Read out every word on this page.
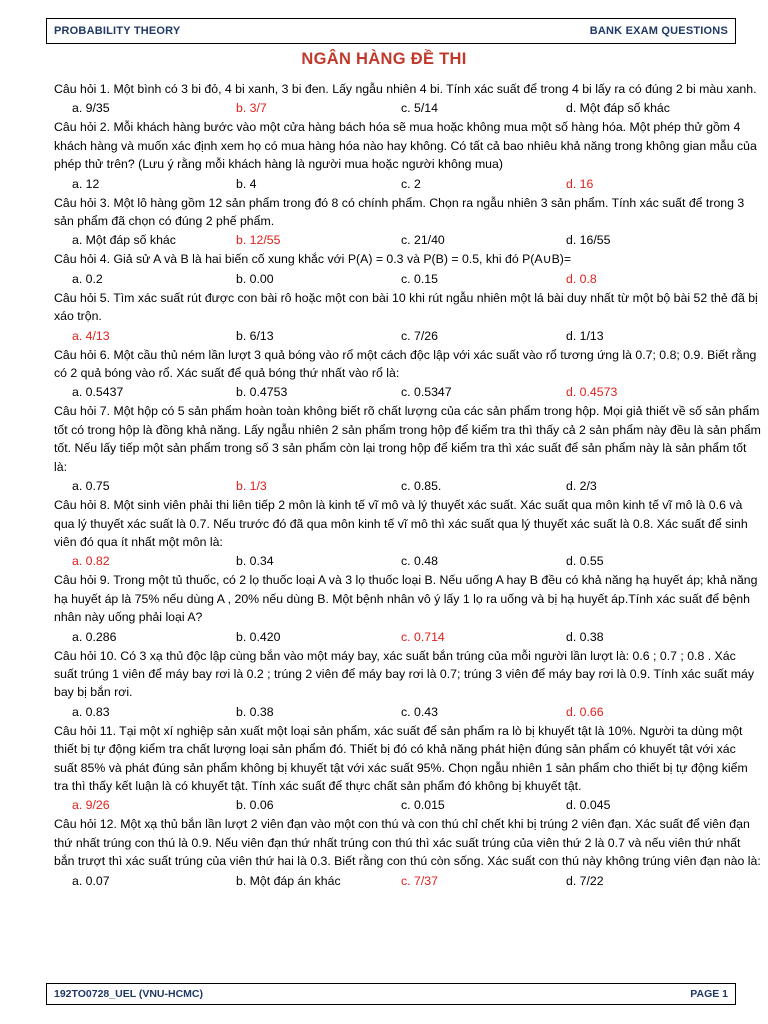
PROBABILITY THEORY	BANK EXAM QUESTIONS
NGÂN HÀNG ĐỀ THI

Câu hỏi 1. Một bình có 3 bi đỏ, 4 bi xanh, 3 bi đen. Lấy ngẫu nhiên 4 bi. Tính xác suất để trong 4 bi lấy ra có đúng 2 bi màu xanh.

a. 9/35	b. 3/7	c. 5/14	d. Một đáp số khác

Câu hỏi 2. Mỗi khách hàng bước vào một cửa hàng bách hóa sẽ mua hoặc không mua một số hàng hóa. Một phép thử gồm 4 khách hàng và muốn xác định xem họ có mua hàng hóa nào hay không. Có tất cả bao nhiêu khả năng trong không gian mẫu của phép thử trên? (Lưu ý rằng mỗi khách hàng là người mua hoặc người không mua)

a. 12	b. 4	c. 2	d. 16

Câu hỏi 3. Một lô hàng gồm 12 sản phẩm trong đó 8 có chính phẩm. Chọn ra ngẫu nhiên 3 sản phẩm. Tính xác suất để trong 3 sản phẩm đã chọn có đúng 2 phế phẩm.

a. Một đáp số khác	b. 12/55	c. 21/40	d. 16/55

Câu hỏi 4. Giả sử A và B là hai biến cố xung khắc với P(A) = 0.3 và P(B) = 0.5, khi đó P(A∪B)=

a. 0.2	b. 0.00	c. 0.15	d. 0.8

Câu hỏi 5. Tìm xác suất rút được con bài rô hoặc một con bài 10 khi rút ngẫu nhiên một lá bài duy nhất từ một bộ bài 52 thẻ đã bị xáo trộn.

a. 4/13	b. 6/13	c. 7/26	d. 1/13

Câu hỏi 6. Một cầu thủ ném lần lượt 3 quả bóng vào rổ một cách độc lập với xác suất vào rổ tương ứng là 0.7; 0.8; 0.9. Biết rằng có 2 quả bóng vào rổ. Xác suất để quả bóng thứ nhất vào rổ là:

a. 0.5437	b. 0.4753	c. 0.5347	d. 0.4573

Câu hỏi 7. Một hộp có 5 sản phẩm hoàn toàn không biết rõ chất lượng của các sản phẩm trong hộp. Mọi giả thiết về số sản phẩm tốt có trong hộp là đồng khả năng. Lấy ngẫu nhiên 2 sản phẩm trong hộp để kiểm tra thì thấy cả 2 sản phẩm này đều là sản phẩm tốt. Nếu lấy tiếp một sản phẩm trong số 3 sản phẩm còn lại trong hộp để kiểm tra thì xác suất để sản phẩm này là sản phẩm tốt là:

a. 0.75	b. 1/3	c. 0.85.	d. 2/3

Câu hỏi 8. Một sinh viên phải thi liên tiếp 2 môn là kinh tế vĩ mô và lý thuyết xác suất. Xác suất qua môn kinh tế vĩ mô là 0.6 và qua lý thuyết xác suất là 0.7. Nếu trước đó đã qua môn kinh tế vĩ mô thì xác suất qua lý thuyết xác suất là 0.8. Xác suất để sinh viên đó qua ít nhất một môn là:

a. 0.82	b. 0.34	c. 0.48	d. 0.55

Câu hỏi 9. Trong một tủ thuốc, có 2 lọ thuốc loại A và 3 lọ thuốc loại B. Nếu uống A hay B đều có khả năng hạ huyết áp; khả năng hạ huyết áp là 75% nếu dùng A , 20% nếu dùng B. Một bệnh nhân vô ý lấy 1 lọ ra uống và bị hạ huyết áp.Tính xác suất để bệnh nhân này uống phải loại A?

a. 0.286	b. 0.420	c. 0.714	d. 0.38

Câu hỏi 10. Có 3 xạ thủ độc lập cùng bắn vào một máy bay, xác suất bắn trúng của mỗi người lần lượt là: 0.6 ; 0.7 ; 0.8 . Xác suất trúng 1 viên để máy bay rơi là 0.2 ; trúng 2 viên để máy bay rơi là 0.7; trúng 3 viên để máy bay rơi là 0.9. Tính xác suất máy bay bị bắn rơi.

a. 0.83	b. 0.38	c. 0.43	d. 0.66

Câu hỏi 11. Tại một xí nghiệp sản xuất một loại sản phẩm, xác suất để sản phẩm ra lò bị khuyết tật là 10%. Người ta dùng một thiết bị tự động kiểm tra chất lượng loại sản phẩm đó. Thiết bị đó có khả năng phát hiện đúng sản phẩm có khuyết tật với xác suất 85% và phát đúng sản phẩm không bị khuyết tật với xác suất 95%. Chọn ngẫu nhiên 1 sản phẩm cho thiết bị tự động kiểm tra thì thấy kết luận là có khuyết tật. Tính xác suất để thực chất sản phẩm đó không bị khuyết tật.

a. 9/26	b. 0.06	c. 0.015	d. 0.045

Câu hỏi 12. Một xạ thủ bắn lần lượt 2 viên đạn vào một con thú và con thú chỉ chết khi bị trúng 2 viên đạn. Xác suất để viên đạn thứ nhất trúng con thú là 0.9. Nếu viên đạn thứ nhất trúng con thú thì xác suất trúng của viên thứ 2 là 0.7 và nếu viên thứ nhất bắn trượt thì xác suất trúng của viên thứ hai là 0.3. Biết rằng con thú còn sống. Xác suất con thú này không trúng viên đạn nào là:

a. 0.07	b. Một đáp án khác	c. 7/37	d. 7/22
192TO0728_UEL (VNU-HCMC)	PAGE 1
